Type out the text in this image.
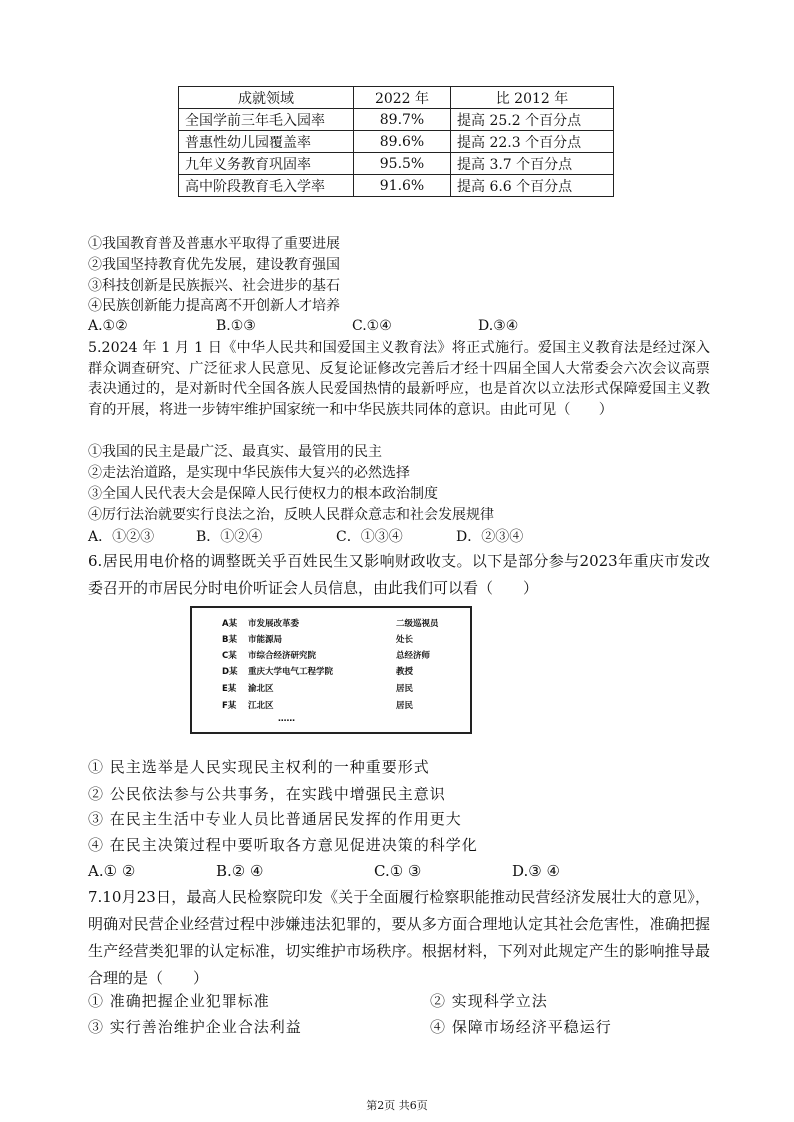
成就领域	2022 年	比 2012 年
全国学前三年毛入园率	89.7%	提高 25.2 个百分点
普惠性幼儿园覆盖率	89.6%	提高 22.3 个百分点
九年义务教育巩固率	95.5%	提高 3.7 个百分点
高中阶段教育毛入学率	91.6%	提高 6.6 个百分点
①我国教育普及普惠水平取得了重要进展
②我国坚持教育优先发展，建设教育强国
③科技创新是民族振兴、社会进步的基石
④民族创新能力提高离不开创新人才培养
A.①②	B.①③	C.①④	D.③④
5.2024 年 1 月 1 日《中华人民共和国爱国主义教育法》将正式施行。爱国主义教育法是经过深入群众调查研究、广泛征求人民意见、反复论证修改完善后才经十四届全国人大常委会六次会议高票表决通过的，是对新时代全国各族人民爱国热情的最新呼应，也是首次以立法形式保障爱国主义教育的开展，将进一步铸牢维护国家统一和中华民族共同体的意识。由此可见（　　）
①我国的民主是最广泛、最真实、最管用的民主
②走法治道路，是实现中华民族伟大复兴的必然选择
③全国人民代表大会是保障人民行使权力的根本政治制度
④厉行法治就要实行良法之治，反映人民群众意志和社会发展规律
A．①②③	B．①②④	C．①③④	D．②③④
6.居民用电价格的调整既关乎百姓民生又影响财政收支。以下是部分参与2023年重庆市发改委召开的市居民分时电价听证会人员信息，由此我们可以看（　　）
A某 市发展改革委	二级巡视员
B某 市能源局	处长
C某 市综合经济研究院	总经济师
D某 重庆大学电气工程学院	教授
E某 渝北区	居民
F某 江北区	居民
……
① 民主选举是人民实现民主权利的一种重要形式
② 公民依法参与公共事务，在实践中增强民主意识
③ 在民主生活中专业人员比普通居民发挥的作用更大
④ 在民主决策过程中要听取各方意见促进决策的科学化
A.① ②	B.② ④	C.① ③	D.③ ④
7.10月23日，最高人民检察院印发《关于全面履行检察职能推动民营经济发展壮大的意见》，明确对民营企业经营过程中涉嫌违法犯罪的，要从多方面合理地认定其社会危害性，准确把握生产经营类犯罪的认定标准，切实维护市场秩序。根据材料，下列对此规定产生的影响推导最合理的是（　　）
① 准确把握企业犯罪标准	② 实现科学立法
③ 实行善治维护企业合法利益	④ 保障市场经济平稳运行
第2页 共6页
